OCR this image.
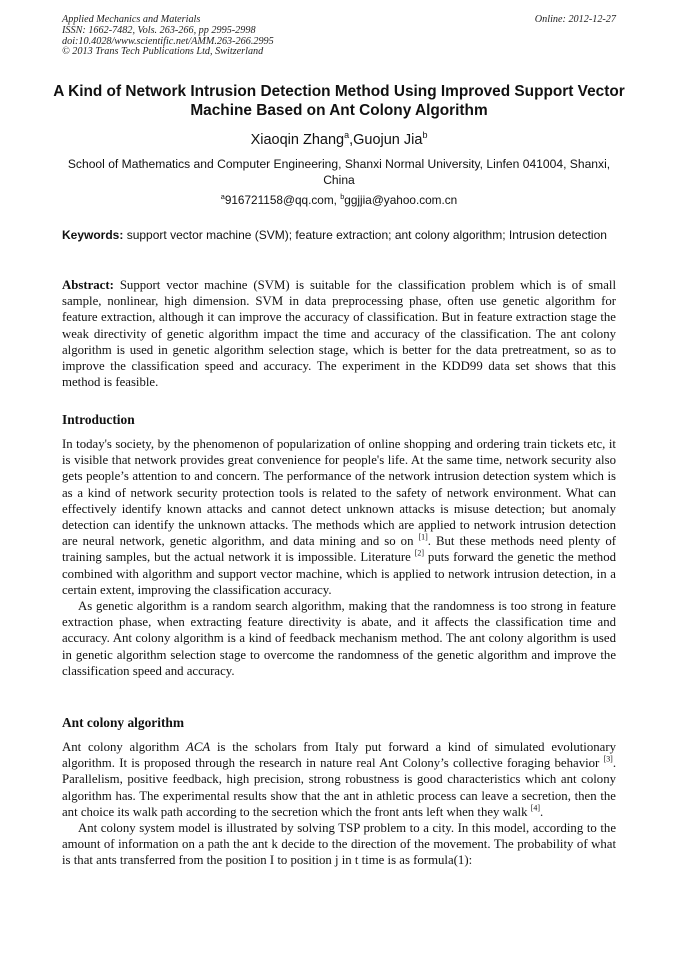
Applied Mechanics and Materials
ISSN: 1662-7482, Vols. 263-266, pp 2995-2998
doi:10.4028/www.scientific.net/AMM.263-266.2995
© 2013 Trans Tech Publications Ltd, Switzerland
Online: 2012-12-27
A Kind of Network Intrusion Detection Method Using Improved Support Vector Machine Based on Ant Colony Algorithm
Xiaoqin Zhang$^a$,Guojun Jia$^b$
School of Mathematics and Computer Engineering, Shanxi Normal University, Linfen 041004, Shanxi, China
$^a$916721158@qq.com, $^b$ggjjia@yahoo.com.cn
Keywords: support vector machine (SVM); feature extraction; ant colony algorithm; Intrusion detection

Abstract: Support vector machine (SVM) is suitable for the classification problem which is of small sample, nonlinear, high dimension. SVM in data preprocessing phase, often use genetic algorithm for feature extraction, although it can improve the accuracy of classification. But in feature extraction stage the weak directivity of genetic algorithm impact the time and accuracy of the classification. The ant colony algorithm is used in genetic algorithm selection stage, which is better for the data pretreatment, so as to improve the classification speed and accuracy. The experiment in the KDD99 data set shows that this method is feasible.

Introduction

In today's society, by the phenomenon of popularization of online shopping and ordering train tickets etc, it is visible that network provides great convenience for people's life. At the same time, network security also gets people’s attention to and concern. The performance of the network intrusion detection system which is as a kind of network security protection tools is related to the safety of network environment. What can effectively identify known attacks and cannot detect unknown attacks is misuse detection; but anomaly detection can identify the unknown attacks. The methods which are applied to network intrusion detection are neural network, genetic algorithm, and data mining and so on [1]. But these methods need plenty of training samples, but the actual network it is impossible. Literature [2] puts forward the genetic the method combined with algorithm and support vector machine, which is applied to network intrusion detection, in a certain extent, improving the classification accuracy.

As genetic algorithm is a random search algorithm, making that the randomness is too strong in feature extraction phase, when extracting feature directivity is abate, and it affects the classification time and accuracy. Ant colony algorithm is a kind of feedback mechanism method. The ant colony algorithm is used in genetic algorithm selection stage to overcome the randomness of the genetic algorithm and improve the classification speed and accuracy.

Ant colony algorithm

Ant colony algorithm ACA is the scholars from Italy put forward a kind of simulated evolutionary algorithm. It is proposed through the research in nature real Ant Colony’s collective foraging behavior [3]. Parallelism, positive feedback, high precision, strong robustness is good characteristics which ant colony algorithm has. The experimental results show that the ant in athletic process can leave a secretion, then the ant choice its walk path according to the secretion which the front ants left when they walk [4].

Ant colony system model is illustrated by solving TSP problem to a city. In this model, according to the amount of information on a path the ant k decide to the direction of the movement. The probability of what is that ants transferred from the position I to position j in t time is as formula(1):
